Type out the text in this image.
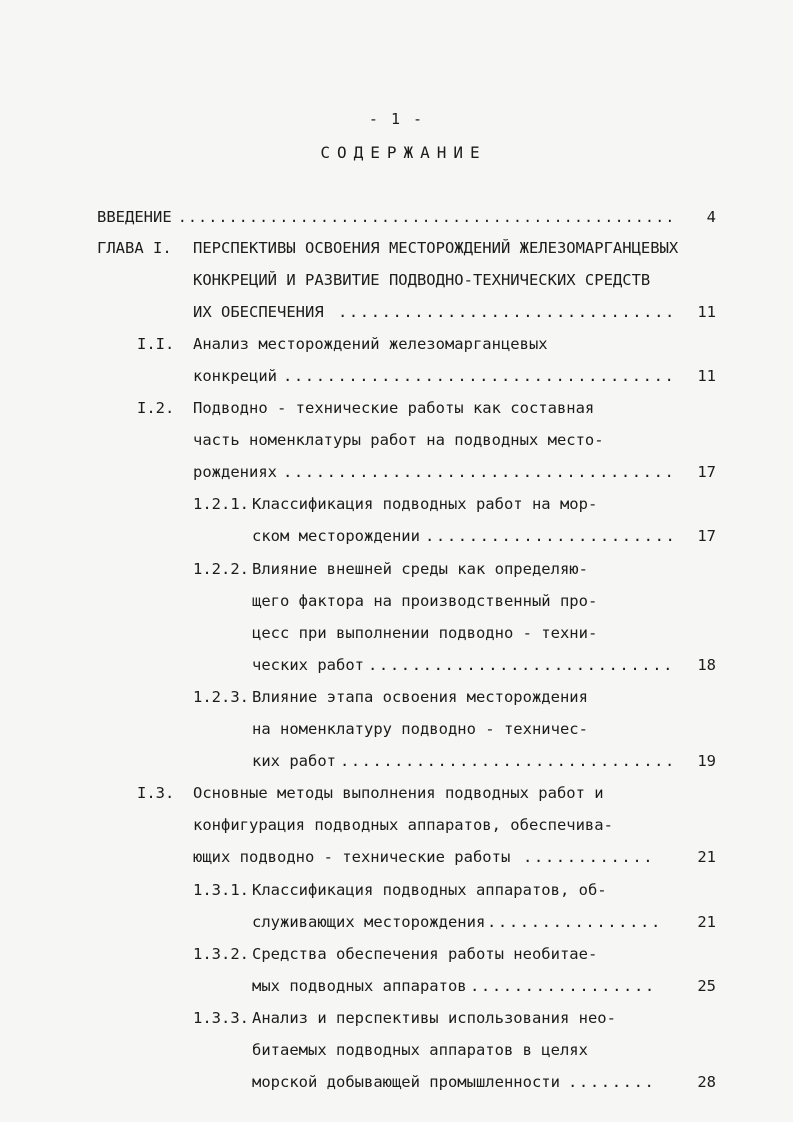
- 1 -
СОДЕРЖАНИЕ
ВВЕДЕНИЕ .................................................	4
ГЛАВА I. ПЕРСПЕКТИВЫ ОСВОЕНИЯ МЕСТОРОЖДЕНИЙ ЖЕЛЕЗОМАРГАНЦЕВЫХ
КОНКРЕЦИЙ И РАЗВИТИЕ ПОДВОДНО-ТЕХНИЧЕСКИХ СРЕДСТВ
ИХ ОБЕСПЕЧЕНИЯ ...............................	11
I.I. Анализ месторождений железомарганцевых
конкреций ....................................	11
I.2. Подводно - технические работы как составная
часть номенклатуры работ на подводных место-
рождениях ....................................	17
1.2.1. Классификация подводных работ на мор-
ском месторождении .......................	17
1.2.2. Влияние внешней среды как определяю-
щего фактора на производственный про-
цесс при выполнении подводно - техни-
ческих работ ............................	18
1.2.3. Влияние этапа освоения месторождения
на номенклатуру подводно - техничес-
ких работ ...............................	19
I.3. Основные методы выполнения подводных работ и
конфигурация подводных аппаратов, обеспечива-
ющих подводно - технические работы ............	21
1.3.1. Классификация подводных аппаратов, об-
служивающих месторождения ................	21
1.3.2. Средства обеспечения работы необитае-
мых подводных аппаратов .................	25
1.3.3. Анализ и перспективы использования нео-
битаемых подводных аппаратов в целях
морской добывающей промышленности ........	28
